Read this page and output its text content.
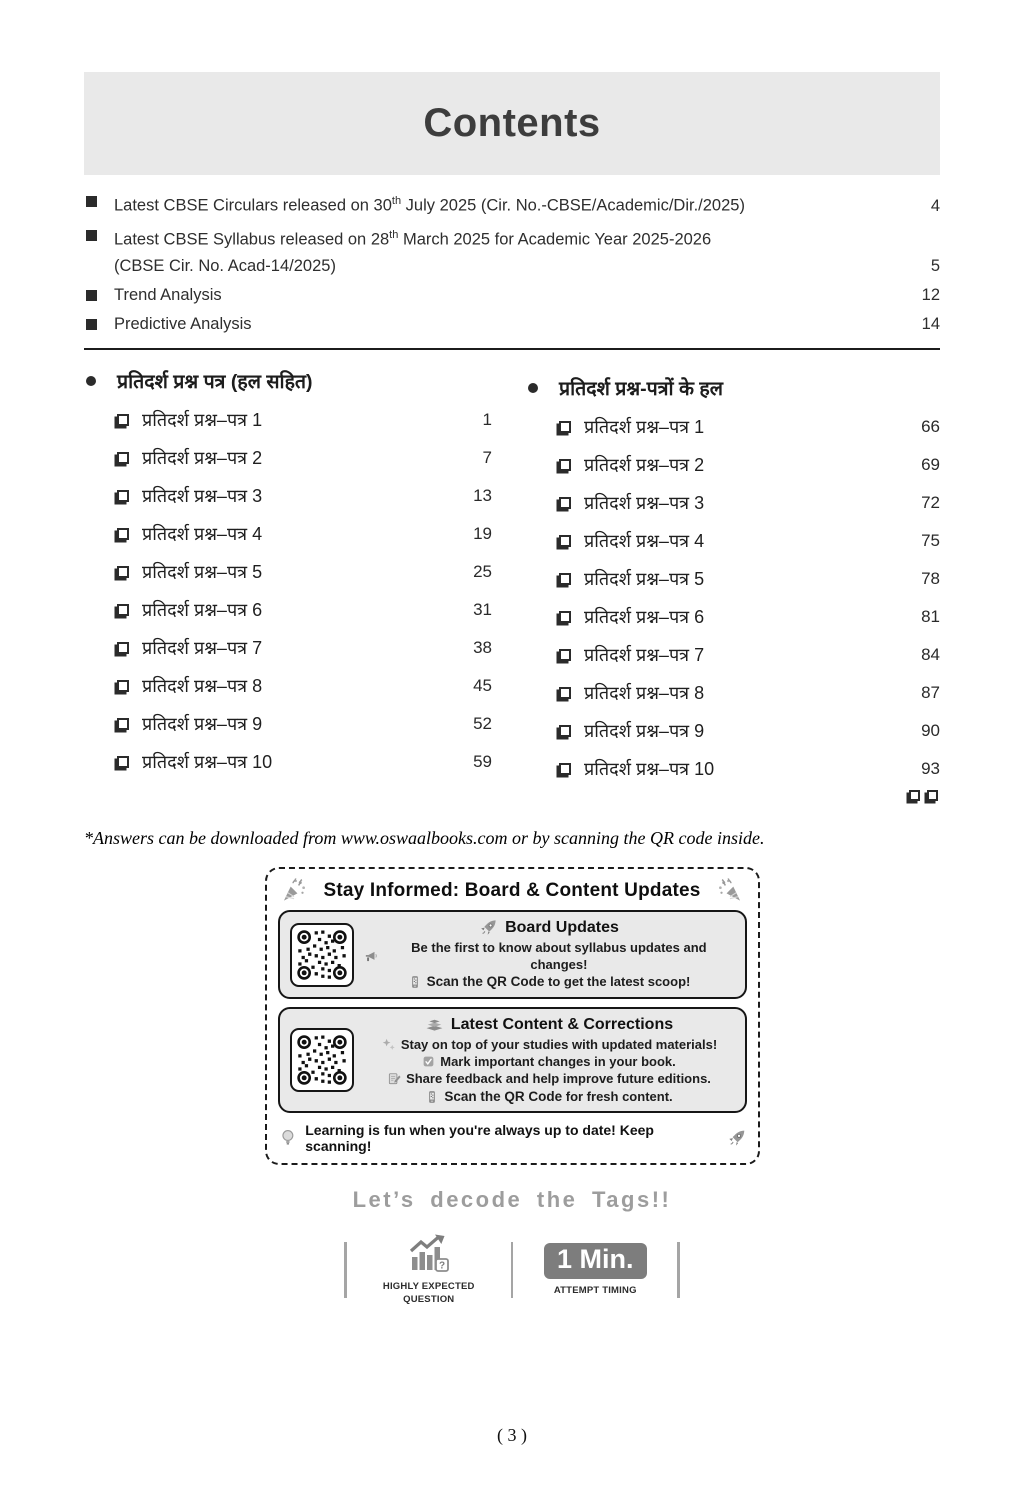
Contents
Latest CBSE Circulars released on 30th July 2025 (Cir. No.-CBSE/Academic/Dir./2025)	4
Latest CBSE Syllabus released on 28th March 2025 for Academic Year 2025-2026
(CBSE Cir. No. Acad-14/2025)	5
Trend Analysis	12
Predictive Analysis	14
प्रतिदर्श प्रश्न पत्र (हल सहित)
प्रतिदर्श प्रश्न–पत्र 1	1
प्रतिदर्श प्रश्न–पत्र 2	7
प्रतिदर्श प्रश्न–पत्र 3	13
प्रतिदर्श प्रश्न–पत्र 4	19
प्रतिदर्श प्रश्न–पत्र 5	25
प्रतिदर्श प्रश्न–पत्र 6	31
प्रतिदर्श प्रश्न–पत्र 7	38
प्रतिदर्श प्रश्न–पत्र 8	45
प्रतिदर्श प्रश्न–पत्र 9	52
प्रतिदर्श प्रश्न–पत्र 10	59
प्रतिदर्श प्रश्न-पत्रों के हल
प्रतिदर्श प्रश्न–पत्र 1	66
प्रतिदर्श प्रश्न–पत्र 2	69
प्रतिदर्श प्रश्न–पत्र 3	72
प्रतिदर्श प्रश्न–पत्र 4	75
प्रतिदर्श प्रश्न–पत्र 5	78
प्रतिदर्श प्रश्न–पत्र 6	81
प्रतिदर्श प्रश्न–पत्र 7	84
प्रतिदर्श प्रश्न–पत्र 8	87
प्रतिदर्श प्रश्न–पत्र 9	90
प्रतिदर्श प्रश्न–पत्र 10	93
*Answers can be downloaded from www.oswaalbooks.com or by scanning the QR code inside.
Stay Informed: Board & Content Updates
Board Updates
Be the first to know about syllabus updates and changes!
Scan the QR Code to get the latest scoop!
Latest Content & Corrections
Stay on top of your studies with updated materials!
Mark important changes in your book.
Share feedback and help improve future editions.
Scan the QR Code for fresh content.
Learning is fun when you're always up to date! Keep scanning!
Let’s decode the Tags!!
HIGHLY EXPECTED
QUESTION
1 Min.
ATTEMPT TIMING
( 3 )
